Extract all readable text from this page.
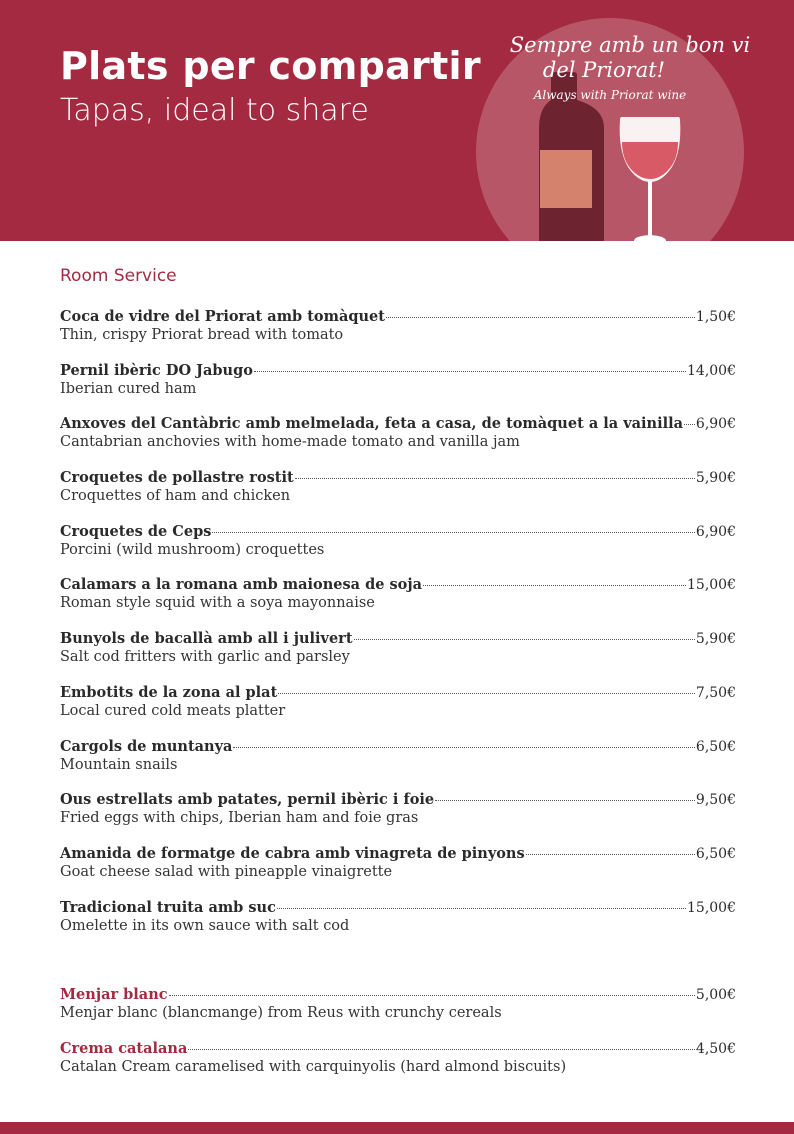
Plats per compartir
Tapas, ideal to share
Sempre amb un bon vi
del Priorat!
Always with Priorat wine
Room Service
Coca de vidre del Priorat amb tomàquet	1,50€
Thin, crispy Priorat bread with tomato
Pernil ibèric DO Jabugo	14,00€
Iberian cured ham
Anxoves del Cantàbric amb melmelada, feta a casa, de tomàquet a la vainilla 6,90€
Cantabrian anchovies with home-made tomato and vanilla jam
Croquetes de pollastre rostit	5,90€
Croquettes of ham and chicken
Croquetes de Ceps	6,90€
Porcini (wild mushroom) croquettes
Calamars a la romana amb maionesa de soja	15,00€
Roman style squid with a soya mayonnaise
Bunyols de bacallà amb all i julivert	5,90€
Salt cod fritters with garlic and parsley
Embotits de la zona al plat	7,50€
Local cured cold meats platter
Cargols de muntanya	6,50€
Mountain snails
Ous estrellats amb patates, pernil ibèric i foie	9,50€
Fried eggs with chips, Iberian ham and foie gras
Amanida de formatge de cabra amb vinagreta de pinyons	6,50€
Goat cheese salad with pineapple vinaigrette
Tradicional truita amb suc	15,00€
Omelette in its own sauce with salt cod
Menjar blanc	5,00€
Menjar blanc (blancmange) from Reus with crunchy cereals
Crema catalana	4,50€
Catalan Cream caramelised with carquinyolis (hard almond biscuits)
